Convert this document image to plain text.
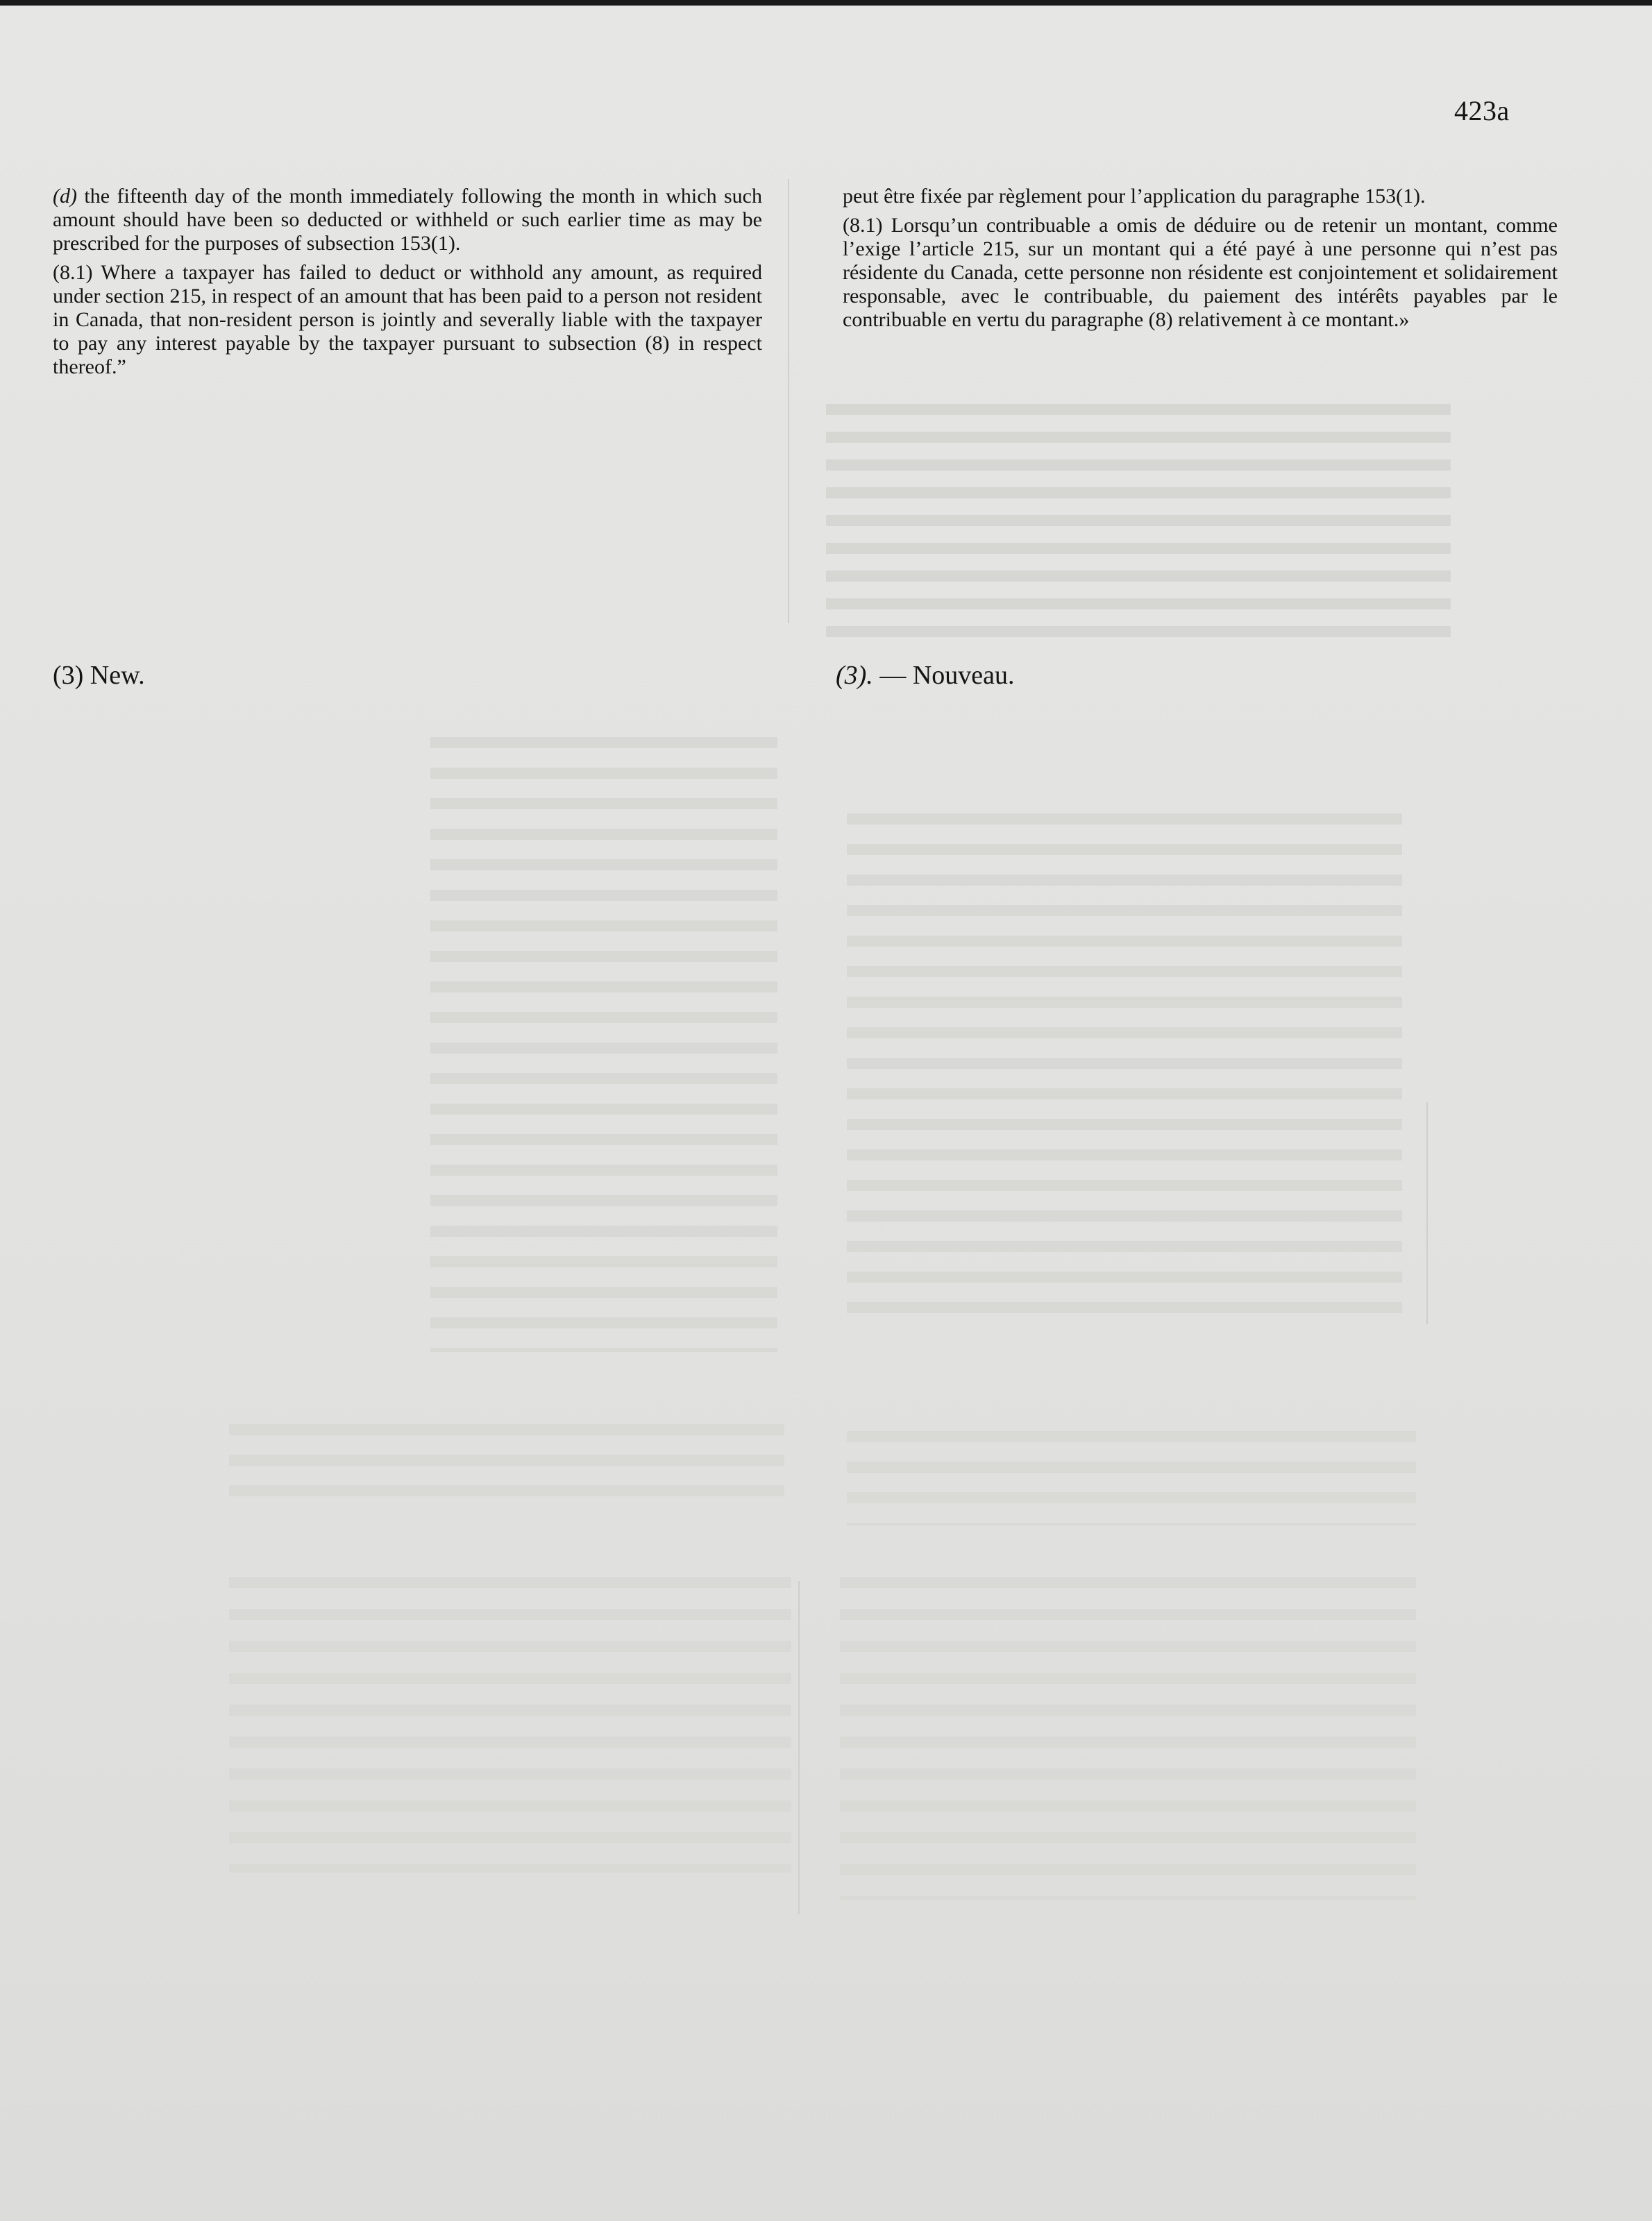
423a

(d) the fifteenth day of the month immediately following the month in which such amount should have been so deducted or withheld or such earlier time as may be prescribed for the purposes of subsection 153(1).

(8.1) Where a taxpayer has failed to deduct or withhold any amount, as required under section 215, in respect of an amount that has been paid to a person not resident in Canada, that non-resident person is jointly and severally liable with the taxpayer to pay any interest payable by the taxpayer pursuant to subsection (8) in respect thereof.”

peut être fixée par règlement pour l’application du paragraphe 153(1).

(8.1) Lorsqu’un contribuable a omis de déduire ou de retenir un montant, comme l’exige l’article 215, sur un montant qui a été payé à une personne qui n’est pas résidente du Canada, cette personne non résidente est conjointement et solidairement responsable, avec le contribuable, du paiement des intérêts payables par le contribuable en vertu du paragraphe (8) relativement à ce montant.»

(3) New.	(3). — Nouveau.
